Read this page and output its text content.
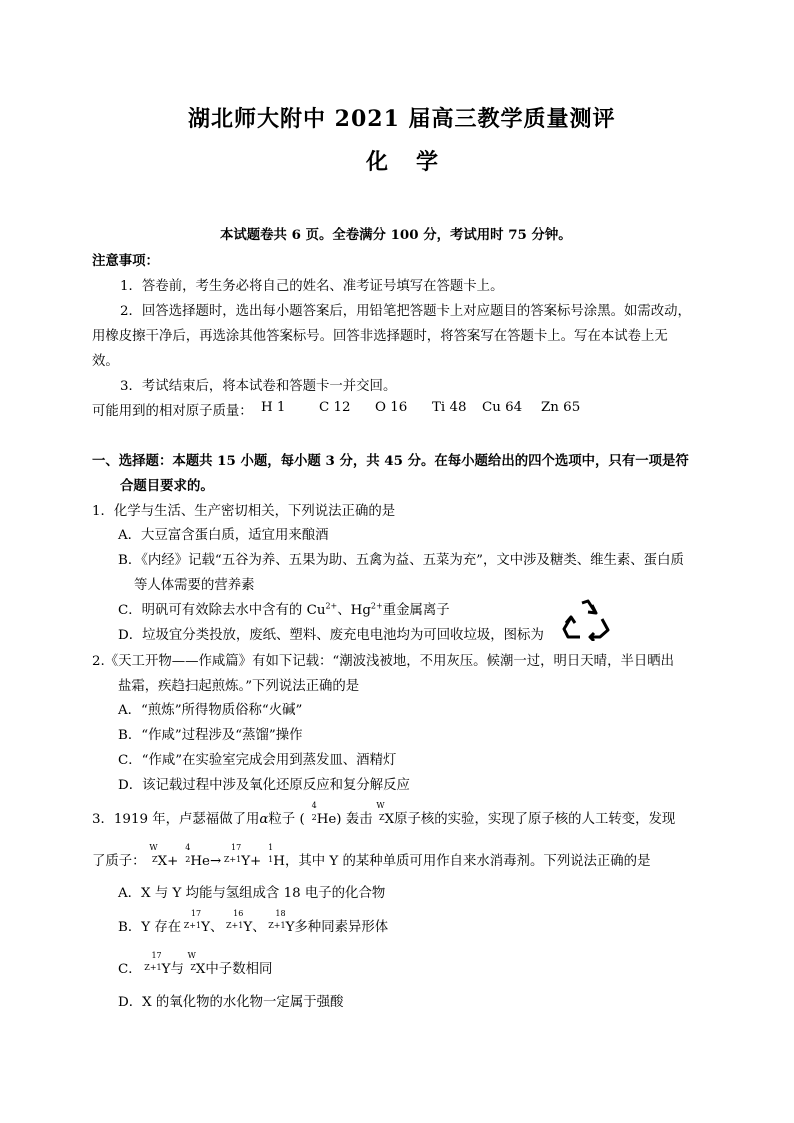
湖北师大附中 2021 届高三教学质量测评
化学
本试题卷共 6 页。全卷满分 100 分，考试用时 75 分钟。
注意事项：
1．答卷前，考生务必将自己的姓名、准考证号填写在答题卡上。
2．回答选择题时，选出每小题答案后，用铅笔把答题卡上对应题目的答案标号涂黑。如需改动，
用橡皮擦干净后，再选涂其他答案标号。回答非选择题时，将答案写在答题卡上。写在本试卷上无
效。
3．考试结束后，将本试卷和答题卡一并交回。
可能用到的相对原子质量： H 1	C 12 O 16 Ti 48 Cu 64 Zn 65
一、选择题：本题共 15 小题，每小题 3 分，共 45 分。在每小题给出的四个选项中，只有一项是符
合题目要求的。
1．化学与生活、生产密切相关，下列说法正确的是
A．大豆富含蛋白质，适宜用来酿酒
B．《内经》记载“五谷为养、五果为助、五禽为益、五菜为充”，文中涉及糖类、维生素、蛋白质
等人体需要的营养素
C．明矾可有效除去水中含有的 $Cu^{2+}$、$Hg^{2+}$重金属离子
D．垃圾宜分类投放，废纸、塑料、废充电电池均为可回收垃圾，图标为
2.《天工开物——作咸篇》有如下记载：“潮波浅被地，不用灰压。候潮一过，明日天晴，半日晒出
盐霜，疾趋扫起煎炼。”下列说法正确的是
A．“煎炼”所得物质俗称“火碱”
B．“作咸”过程涉及“蒸馏”操作
C．“作咸”在实验室完成会用到蒸发皿、酒精灯
D．该记载过程中涉及氧化还原反应和复分解反应
3．1919 年，卢瑟福做了用α粒子 (
4
2 He) 轰击
W
Z X原子核的实验，实现了原子核的人工转变，发现
了质子：
W
Z X+
4
2 He→
17
Z+1 Y+
1
1 H，其中 Y 的某种单质可用作自来水消毒剂。下列说法正确的是
A．X 与 Y 均能与氢组成含 18 电子的化合物
B．Y 存在
17
Z+1 Y、
16
Z+1 Y、
18
Z+1 Y多种同素异形体
C．
17
Z+1 Y与
W
Z X中子数相同
D．X 的氧化物的水化物一定属于强酸
